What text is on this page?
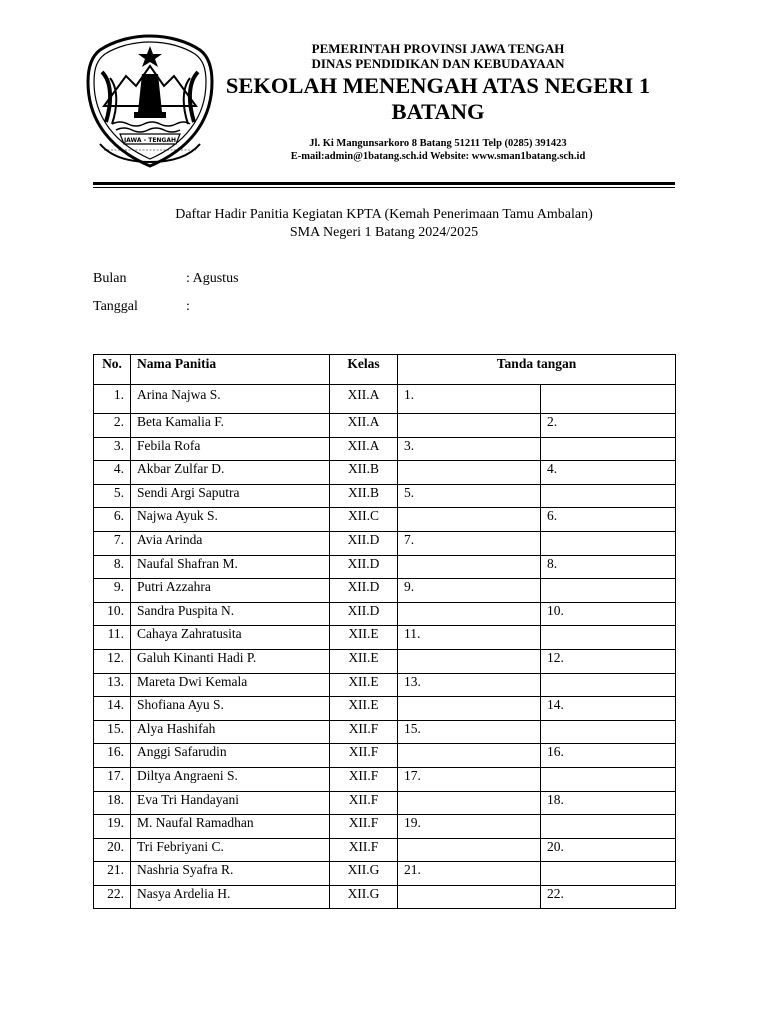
JAWA - TENGAH
PEMERINTAH PROVINSI JAWA TENGAH
DINAS PENDIDIKAN DAN KEBUDAYAAN
SEKOLAH MENENGAH ATAS NEGERI 1 BATANG
Jl. Ki Mangunsarkoro 8 Batang 51211 Telp (0285) 391423
E-mail:admin@1batang.sch.id Website: www.sman1batang.sch.id
Daftar Hadir Panitia Kegiatan KPTA (Kemah Penerimaan Tamu Ambalan)
SMA Negeri 1 Batang 2024/2025
Bulan	: Agustus
Tanggal	:
No.	Nama Panitia	Kelas	Tanda tangan	
1.	Arina Najwa S.	XII.A	1.	
2.	Beta Kamalia F.	XII.A		2.
3.	Febila Rofa	XII.A	3.	
4.	Akbar Zulfar D.	XII.B		4.
5.	Sendi Argi Saputra	XII.B	5.	
6.	Najwa Ayuk S.	XII.C		6.
7.	Avia Arinda	XII.D	7.	
8.	Naufal Shafran M.	XII.D		8.
9.	Putri Azzahra	XII.D	9.	
10.	Sandra Puspita N.	XII.D		10.
11.	Cahaya Zahratusita	XII.E	11.	
12.	Galuh Kinanti Hadi P.	XII.E		12.
13.	Mareta Dwi Kemala	XII.E	13.	
14.	Shofiana Ayu S.	XII.E		14.
15.	Alya Hashifah	XII.F	15.	
16.	Anggi Safarudin	XII.F		16.
17.	Diltya Angraeni S.	XII.F	17.	
18.	Eva Tri Handayani	XII.F		18.
19.	M. Naufal Ramadhan	XII.F	19.	
20.	Tri Febriyani C.	XII.F		20.
21.	Nashria Syafra R.	XII.G	21.	
22.	Nasya Ardelia H.	XII.G		22.
